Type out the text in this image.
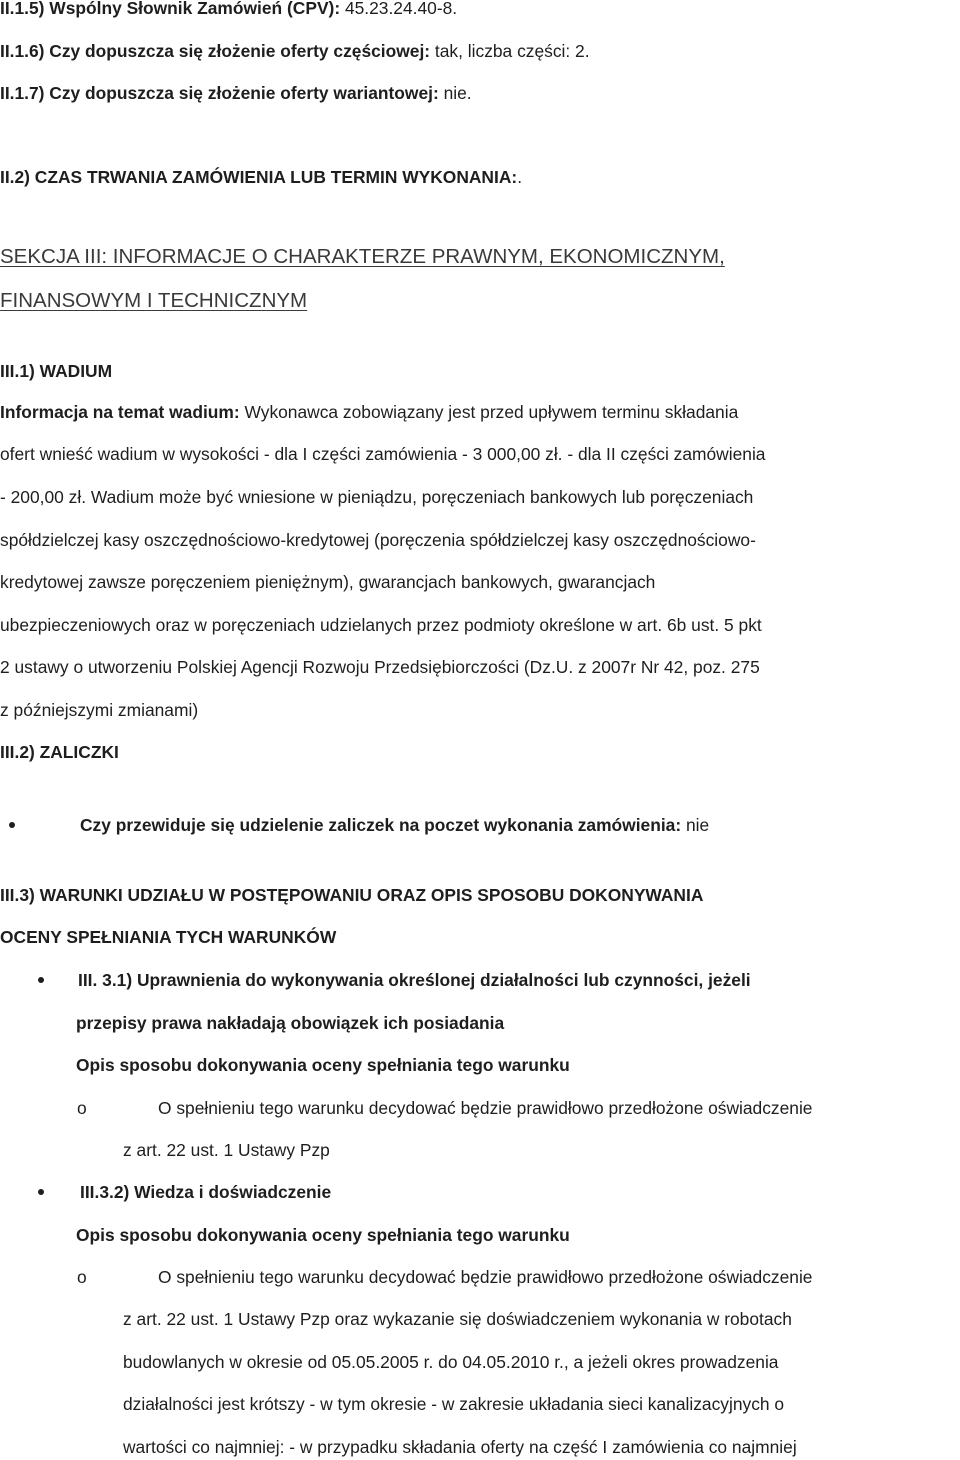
II.1.5) Wspólny Słownik Zamówień (CPV): 45.23.24.40-8.
II.1.6) Czy dopuszcza się złożenie oferty częściowej: tak, liczba części: 2.
II.1.7) Czy dopuszcza się złożenie oferty wariantowej: nie.
II.2) CZAS TRWANIA ZAMÓWIENIA LUB TERMIN WYKONANIA:.
SEKCJA III: INFORMACJE O CHARAKTERZE PRAWNYM, EKONOMICZNYM,
FINANSOWYM I TECHNICZNYM
III.1) WADIUM
Informacja na temat wadium: Wykonawca zobowiązany jest przed upływem terminu składania
ofert wnieść wadium w wysokości - dla I części zamówienia - 3 000,00 zł. - dla II części zamówienia
- 200,00 zł. Wadium może być wniesione w pieniądzu, poręczeniach bankowych lub poręczeniach
spółdzielczej kasy oszczędnościowo-kredytowej (poręczenia spółdzielczej kasy oszczędnościowo-
kredytowej zawsze poręczeniem pieniężnym), gwarancjach bankowych, gwarancjach
ubezpieczeniowych oraz w poręczeniach udzielanych przez podmioty określone w art. 6b ust. 5 pkt
2 ustawy o utworzeniu Polskiej Agencji Rozwoju Przedsiębiorczości (Dz.U. z 2007r Nr 42, poz. 275
z późniejszymi zmianami)
III.2) ZALICZKI
Czy przewiduje się udzielenie zaliczek na poczet wykonania zamówienia: nie
III.3) WARUNKI UDZIAŁU W POSTĘPOWANIU ORAZ OPIS SPOSOBU DOKONYWANIA
OCENY SPEŁNIANIA TYCH WARUNKÓW
III. 3.1) Uprawnienia do wykonywania określonej działalności lub czynności, jeżeli
przepisy prawa nakładają obowiązek ich posiadania
Opis sposobu dokonywania oceny spełniania tego warunku
o	O spełnieniu tego warunku decydować będzie prawidłowo przedłożone oświadczenie
z art. 22 ust. 1 Ustawy Pzp
III.3.2) Wiedza i doświadczenie
Opis sposobu dokonywania oceny spełniania tego warunku
o	O spełnieniu tego warunku decydować będzie prawidłowo przedłożone oświadczenie
z art. 22 ust. 1 Ustawy Pzp oraz wykazanie się doświadczeniem wykonania w robotach
budowlanych w okresie od 05.05.2005 r. do 04.05.2010 r., a jeżeli okres prowadzenia
działalności jest krótszy - w tym okresie - w zakresie układania sieci kanalizacyjnych o
wartości co najmniej: - w przypadku składania oferty na część I zamówienia co najmniej
